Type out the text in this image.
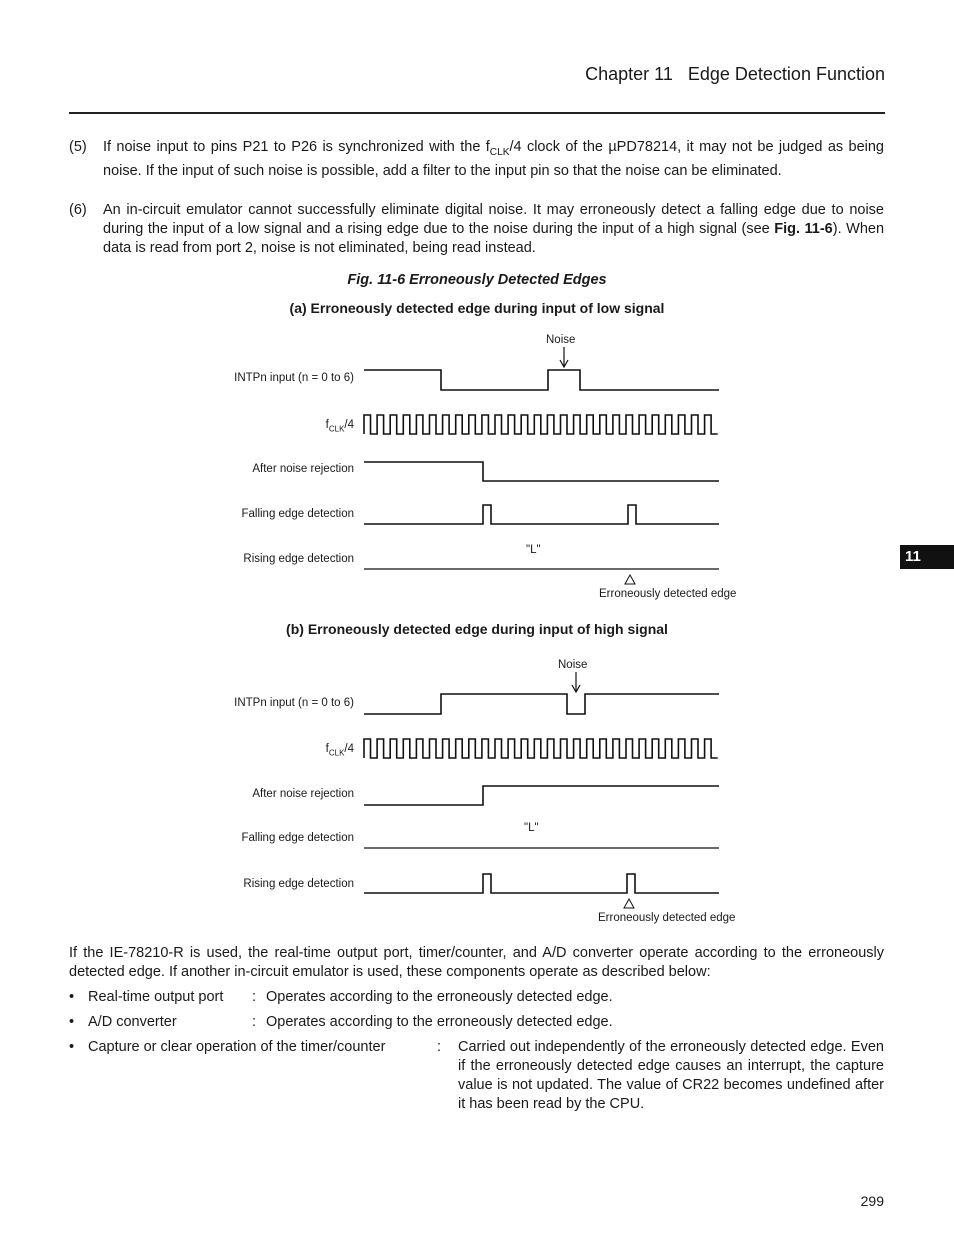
Chapter 11 Edge Detection Function
(5) If noise input to pins P21 to P26 is synchronized with the $f_{CLK}/4$ clock of the µPD78214, it may not be judged as being noise. If the input of such noise is possible, add a filter to the input pin so that the noise can be eliminated.
(6) An in-circuit emulator cannot successfully eliminate digital noise. It may erroneously detect a falling edge due to noise during the input of a low signal and a rising edge due to the noise during the input of a high signal (see Fig. 11-6). When data is read from port 2, noise is not eliminated, being read instead.
Fig. 11-6 Erroneously Detected Edges
(a) Erroneously detected edge during input of low signal
Noise
INTPn input (n = 0 to 6)
$f_{CLK}/4$
After noise rejection
Falling edge detection
"L"
Rising edge detection
Erroneously detected edge
11
(b) Erroneously detected edge during input of high signal
Noise
INTPn input (n = 0 to 6)
$f_{CLK}/4$
After noise rejection
"L"
Falling edge detection
Rising edge detection
Erroneously detected edge
If the IE-78210-R is used, the real-time output port, timer/counter, and A/D converter operate according to the erroneously detected edge. If another in-circuit emulator is used, these components operate as described below:
• Real-time output port : Operates according to the erroneously detected edge.
• A/D converter	: Operates according to the erroneously detected edge.
• Capture or clear operation of the timer/counter	: Carried out independently of the erroneously detected edge. Even if the erroneously detected edge causes an interrupt, the capture value is not updated. The value of CR22 becomes undefined after it has been read by the CPU.
299
